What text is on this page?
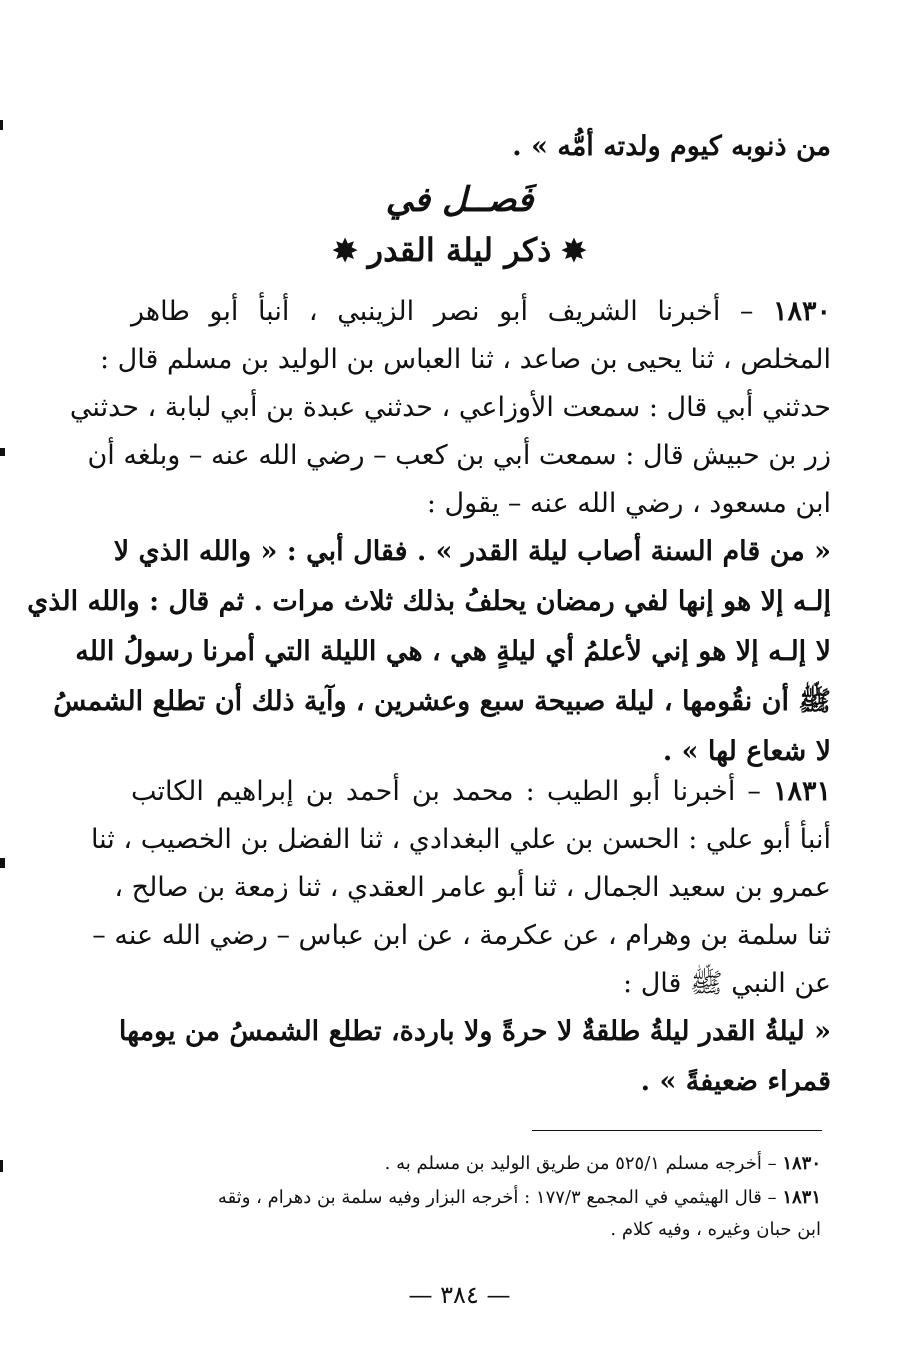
من ذنوبه كيوم ولدته أمُّه » .
فَصــل في
✸ذكر ليلة القدر✸
١٨٣٠ – أخبرنا الشريف أبو نصر الزينبي ، أنبأ أبو طاهر
المخلص ، ثنا يحيى بن صاعد ، ثنا العباس بن الوليد بن مسلم قال :
حدثني أبي قال : سمعت الأوزاعي ، حدثني عبدة بن أبي لبابة ، حدثني
زر بن حبيش قال : سمعت أبي بن كعب – رضي الله عنه – وبلغه أن
ابن مسعود ، رضي الله عنه – يقول :
« من قام السنة أصاب ليلة القدر » . فقال أبي : « والله الذي لا
إلـه إلا هو إنها لفي رمضان يحلفُ بذلك ثلاث مرات . ثم قال : والله الذي
لا إلـه إلا هو إني لأعلمُ أي ليلةٍ هي ، هي الليلة التي أمرنا رسولُ الله
ﷺ أن نقُومها ، ليلة صبيحة سبع وعشرين ، وآية ذلك أن تطلع الشمسُ
لا شعاع لها » .
١٨٣١ – أخبرنا أبو الطيب : محمد بن أحمد بن إبراهيم الكاتب
أنبأ أبو علي : الحسن بن علي البغدادي ، ثنا الفضل بن الخصيب ، ثنا
عمرو بن سعيد الجمال ، ثنا أبو عامر العقدي ، ثنا زمعة بن صالح ،
ثنا سلمة بن وهرام ، عن عكرمة ، عن ابن عباس – رضي الله عنه –
عن النبي ﷺ قال :
« ليلةُ القدر ليلةُ طلقةٌ لا حرةً ولا باردة، تطلع الشمسُ من يومها
قمراء ضعيفةً » .
١٨٣٠ – أخرجه مسلم ٥٢٥/١ من طريق الوليد بن مسلم به .
١٨٣١ – قال الهيثمي في المجمع ١٧٧/٣ : أخرجه البزار وفيه سلمة بن دهرام ، وثقه
ابن حبان وغيره ، وفيه كلام .
— ٣٨٤ —
